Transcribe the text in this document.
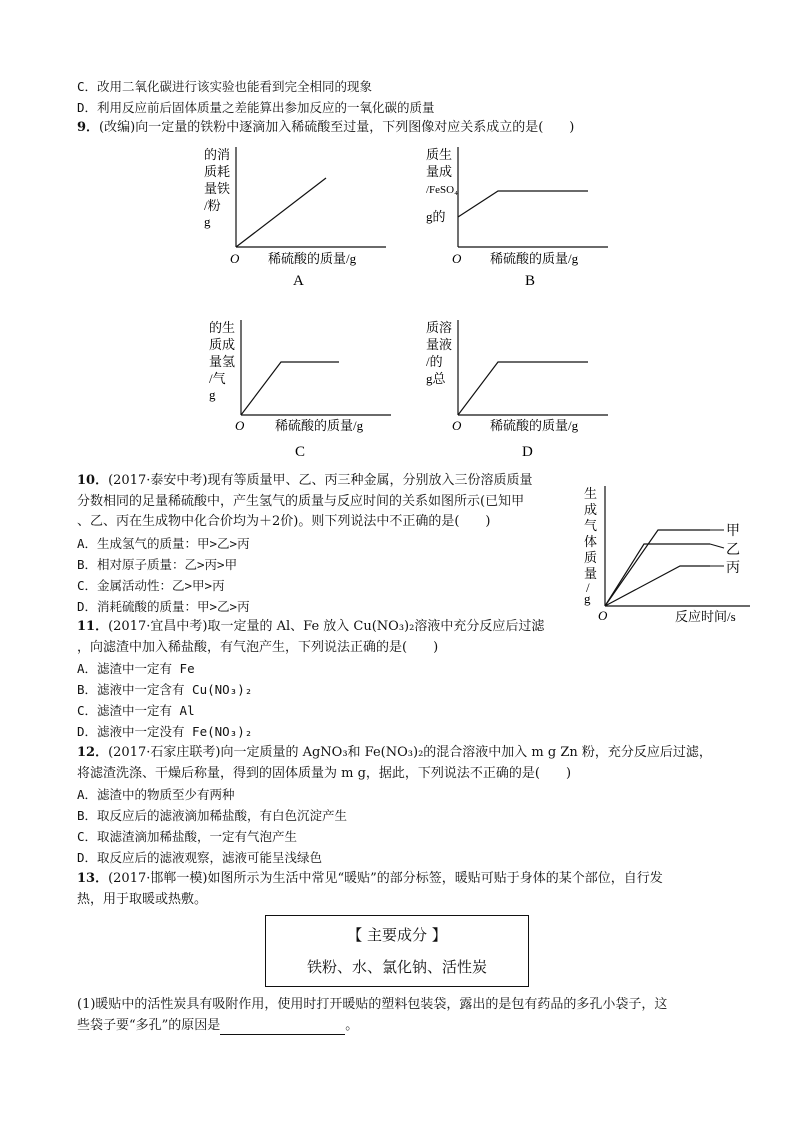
C．改用二氧化碳进行该实验也能看到完全相同的现象
D．利用反应前后固体质量之差能算出参加反应的一氧化碳的质量
9．(改编)向一定量的铁粉中逐滴加入稀硫酸至过量，下列图像对应关系成立的是(　　)
的消
质耗
量铁
/粉
g
O 稀硫酸的质量/g
A
质生
量成
/FeSO₄
g的
O 稀硫酸的质量/g
B
的生
质成
量氢
/气
g
O 稀硫酸的质量/g
C
质溶
量液
/的
g总
O 稀硫酸的质量/g
D
10．(2017·泰安中考)现有等质量甲、乙、丙三种金属，分别放入三份溶质质量
分数相同的足量稀硫酸中，产生氢气的质量与反应时间的关系如图所示(已知甲
、乙、丙在生成物中化合价均为＋2价)。则下列说法中不正确的是(　　)
A．生成氢气的质量：甲>乙>丙
B．相对原子质量：乙>丙>甲
C．金属活动性：乙>甲>丙
D．消耗硫酸的质量：甲>乙>丙
生
成
气
体
质
量
/
g
甲
乙
丙
O	反应时间/s
11．(2017·宜昌中考)取一定量的 Al、Fe 放入 Cu(NO₃)₂溶液中充分反应后过滤
，向滤渣中加入稀盐酸，有气泡产生，下列说法正确的是(　　)
A．滤渣中一定有 Fe
B．滤液中一定含有 Cu(NO₃)₂
C．滤渣中一定有 Al
D．滤液中一定没有 Fe(NO₃)₂
12．(2017·石家庄联考)向一定质量的 AgNO₃和 Fe(NO₃)₂的混合溶液中加入 m g Zn 粉，充分反应后过滤，
将滤渣洗涤、干燥后称量，得到的固体质量为 m g，据此，下列说法不正确的是(　　)
A．滤渣中的物质至少有两种
B．取反应后的滤液滴加稀盐酸，有白色沉淀产生
C．取滤渣滴加稀盐酸，一定有气泡产生
D．取反应后的滤液观察，滤液可能呈浅绿色
13．(2017·邯郸一模)如图所示为生活中常见“暖贴”的部分标签，暖贴可贴于身体的某个部位，自行发
热，用于取暖或热敷。
【 主要成分 】
铁粉、水、氯化钠、活性炭
(1)暖贴中的活性炭具有吸附作用，使用时打开暖贴的塑料包装袋，露出的是包有药品的多孔小袋子，这
些袋子要“多孔”的原因是	。
